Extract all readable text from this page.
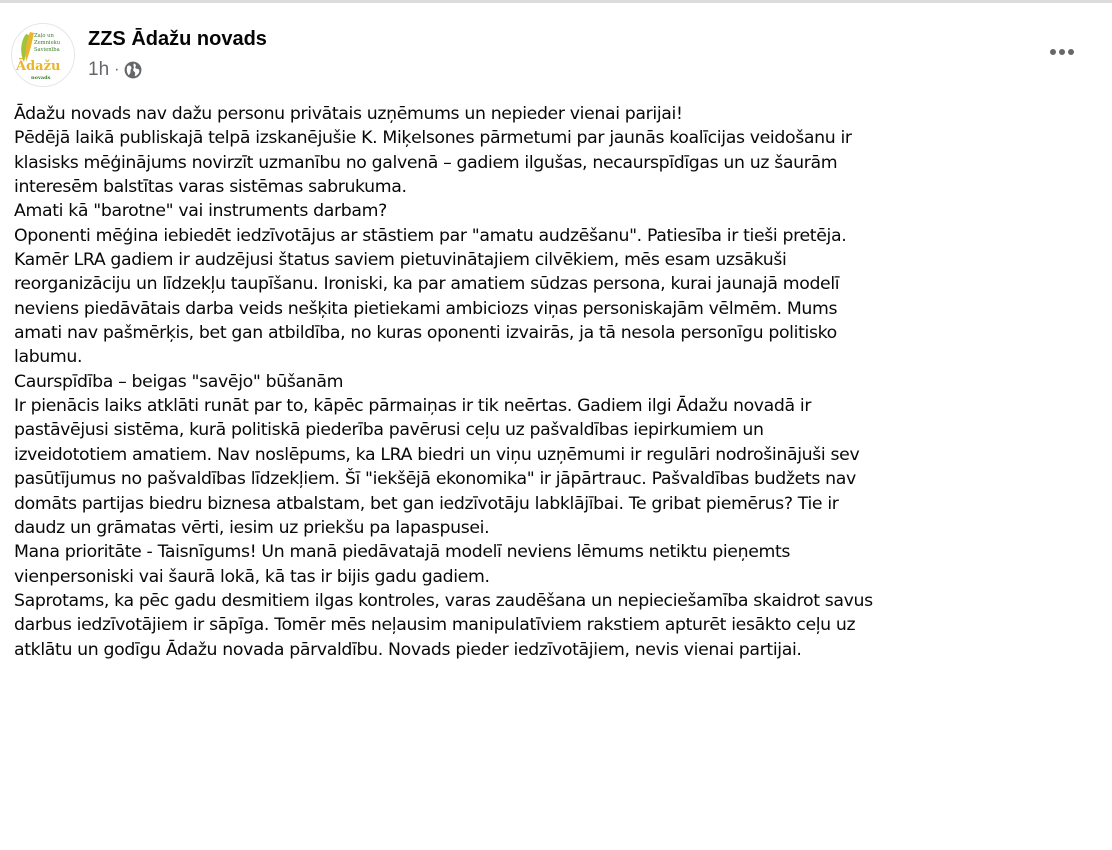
Zaļo un
Zemnieku
Savienība
Ādažu
novads
ZZS Ādažu novads
1h ·
Ādažu novads nav dažu personu privātais uzņēmums un nepieder vienai parijai!
Pēdējā laikā publiskajā telpā izskanējušie K. Miķelsones pārmetumi par jaunās koalīcijas veidošanu ir
klasisks mēģinājums novirzīt uzmanību no galvenā – gadiem ilgušas, necaurspīdīgas un uz šaurām
interesēm balstītas varas sistēmas sabrukuma.
Amati kā "barotne" vai instruments darbam?
Oponenti mēģina iebiedēt iedzīvotājus ar stāstiem par "amatu audzēšanu". Patiesība ir tieši pretēja.
Kamēr LRA gadiem ir audzējusi štatus saviem pietuvinātajiem cilvēkiem, mēs esam uzsākuši
reorganizāciju un līdzekļu taupīšanu. Ironiski, ka par amatiem sūdzas persona, kurai jaunajā modelī
neviens piedāvātais darba veids nešķita pietiekami ambiciozs viņas personiskajām vēlmēm. Mums
amati nav pašmērķis, bet gan atbildība, no kuras oponenti izvairās, ja tā nesola personīgu politisko
labumu.
Caurspīdība – beigas "savējo" būšanām
Ir pienācis laiks atklāti runāt par to, kāpēc pārmaiņas ir tik neērtas. Gadiem ilgi Ādažu novadā ir
pastāvējusi sistēma, kurā politiskā piederība pavērusi ceļu uz pašvaldības iepirkumiem un
izveidototiem amatiem. Nav noslēpums, ka LRA biedri un viņu uzņēmumi ir regulāri nodrošinājuši sev
pasūtījumus no pašvaldības līdzekļiem. Šī "iekšējā ekonomika" ir jāpārtrauc. Pašvaldības budžets nav
domāts partijas biedru biznesa atbalstam, bet gan iedzīvotāju labklājībai. Te gribat piemērus? Tie ir
daudz un grāmatas vērti, iesim uz priekšu pa lapaspusei.
Mana prioritāte - Taisnīgums! Un manā piedāvatajā modelī neviens lēmums netiktu pieņemts
vienpersoniski vai šaurā lokā, kā tas ir bijis gadu gadiem.
Saprotams, ka pēc gadu desmitiem ilgas kontroles, varas zaudēšana un nepieciešamība skaidrot savus
darbus iedzīvotājiem ir sāpīga. Tomēr mēs neļausim manipulatīviem rakstiem apturēt iesākto ceļu uz
atklātu un godīgu Ādažu novada pārvaldību. Novads pieder iedzīvotājiem, nevis vienai partijai.
